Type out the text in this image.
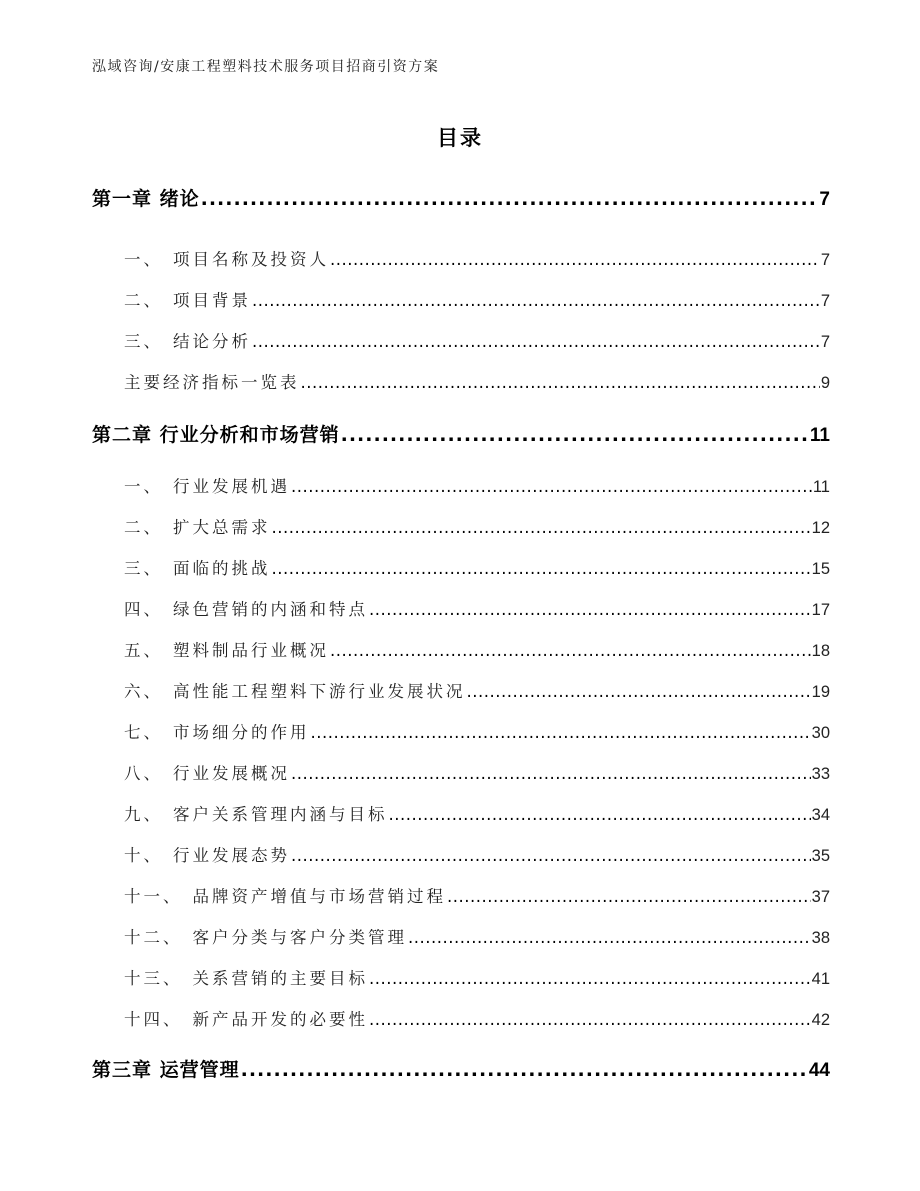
泓域咨询/安康工程塑料技术服务项目招商引资方案
目录
第一章 绪论 .....	7
一、 项目名称及投资人 .....	7
二、 项目背景 .....	7
三、 结论分析 .....	7
主要经济指标一览表 .....	9
第二章 行业分析和市场营销 .....	11
一、 行业发展机遇 .....	11
二、 扩大总需求 .....	12
三、 面临的挑战 .....	15
四、 绿色营销的内涵和特点 .....	17
五、 塑料制品行业概况 .....	18
六、 高性能工程塑料下游行业发展状况 .....	19
七、 市场细分的作用 .....	30
八、 行业发展概况 .....	33
九、 客户关系管理内涵与目标 .....	34
十、 行业发展态势 .....	35
十一、 品牌资产增值与市场营销过程 .....	37
十二、 客户分类与客户分类管理 .....	38
十三、 关系营销的主要目标 .....	41
十四、 新产品开发的必要性 .....	42
第三章 运营管理 .....	44
